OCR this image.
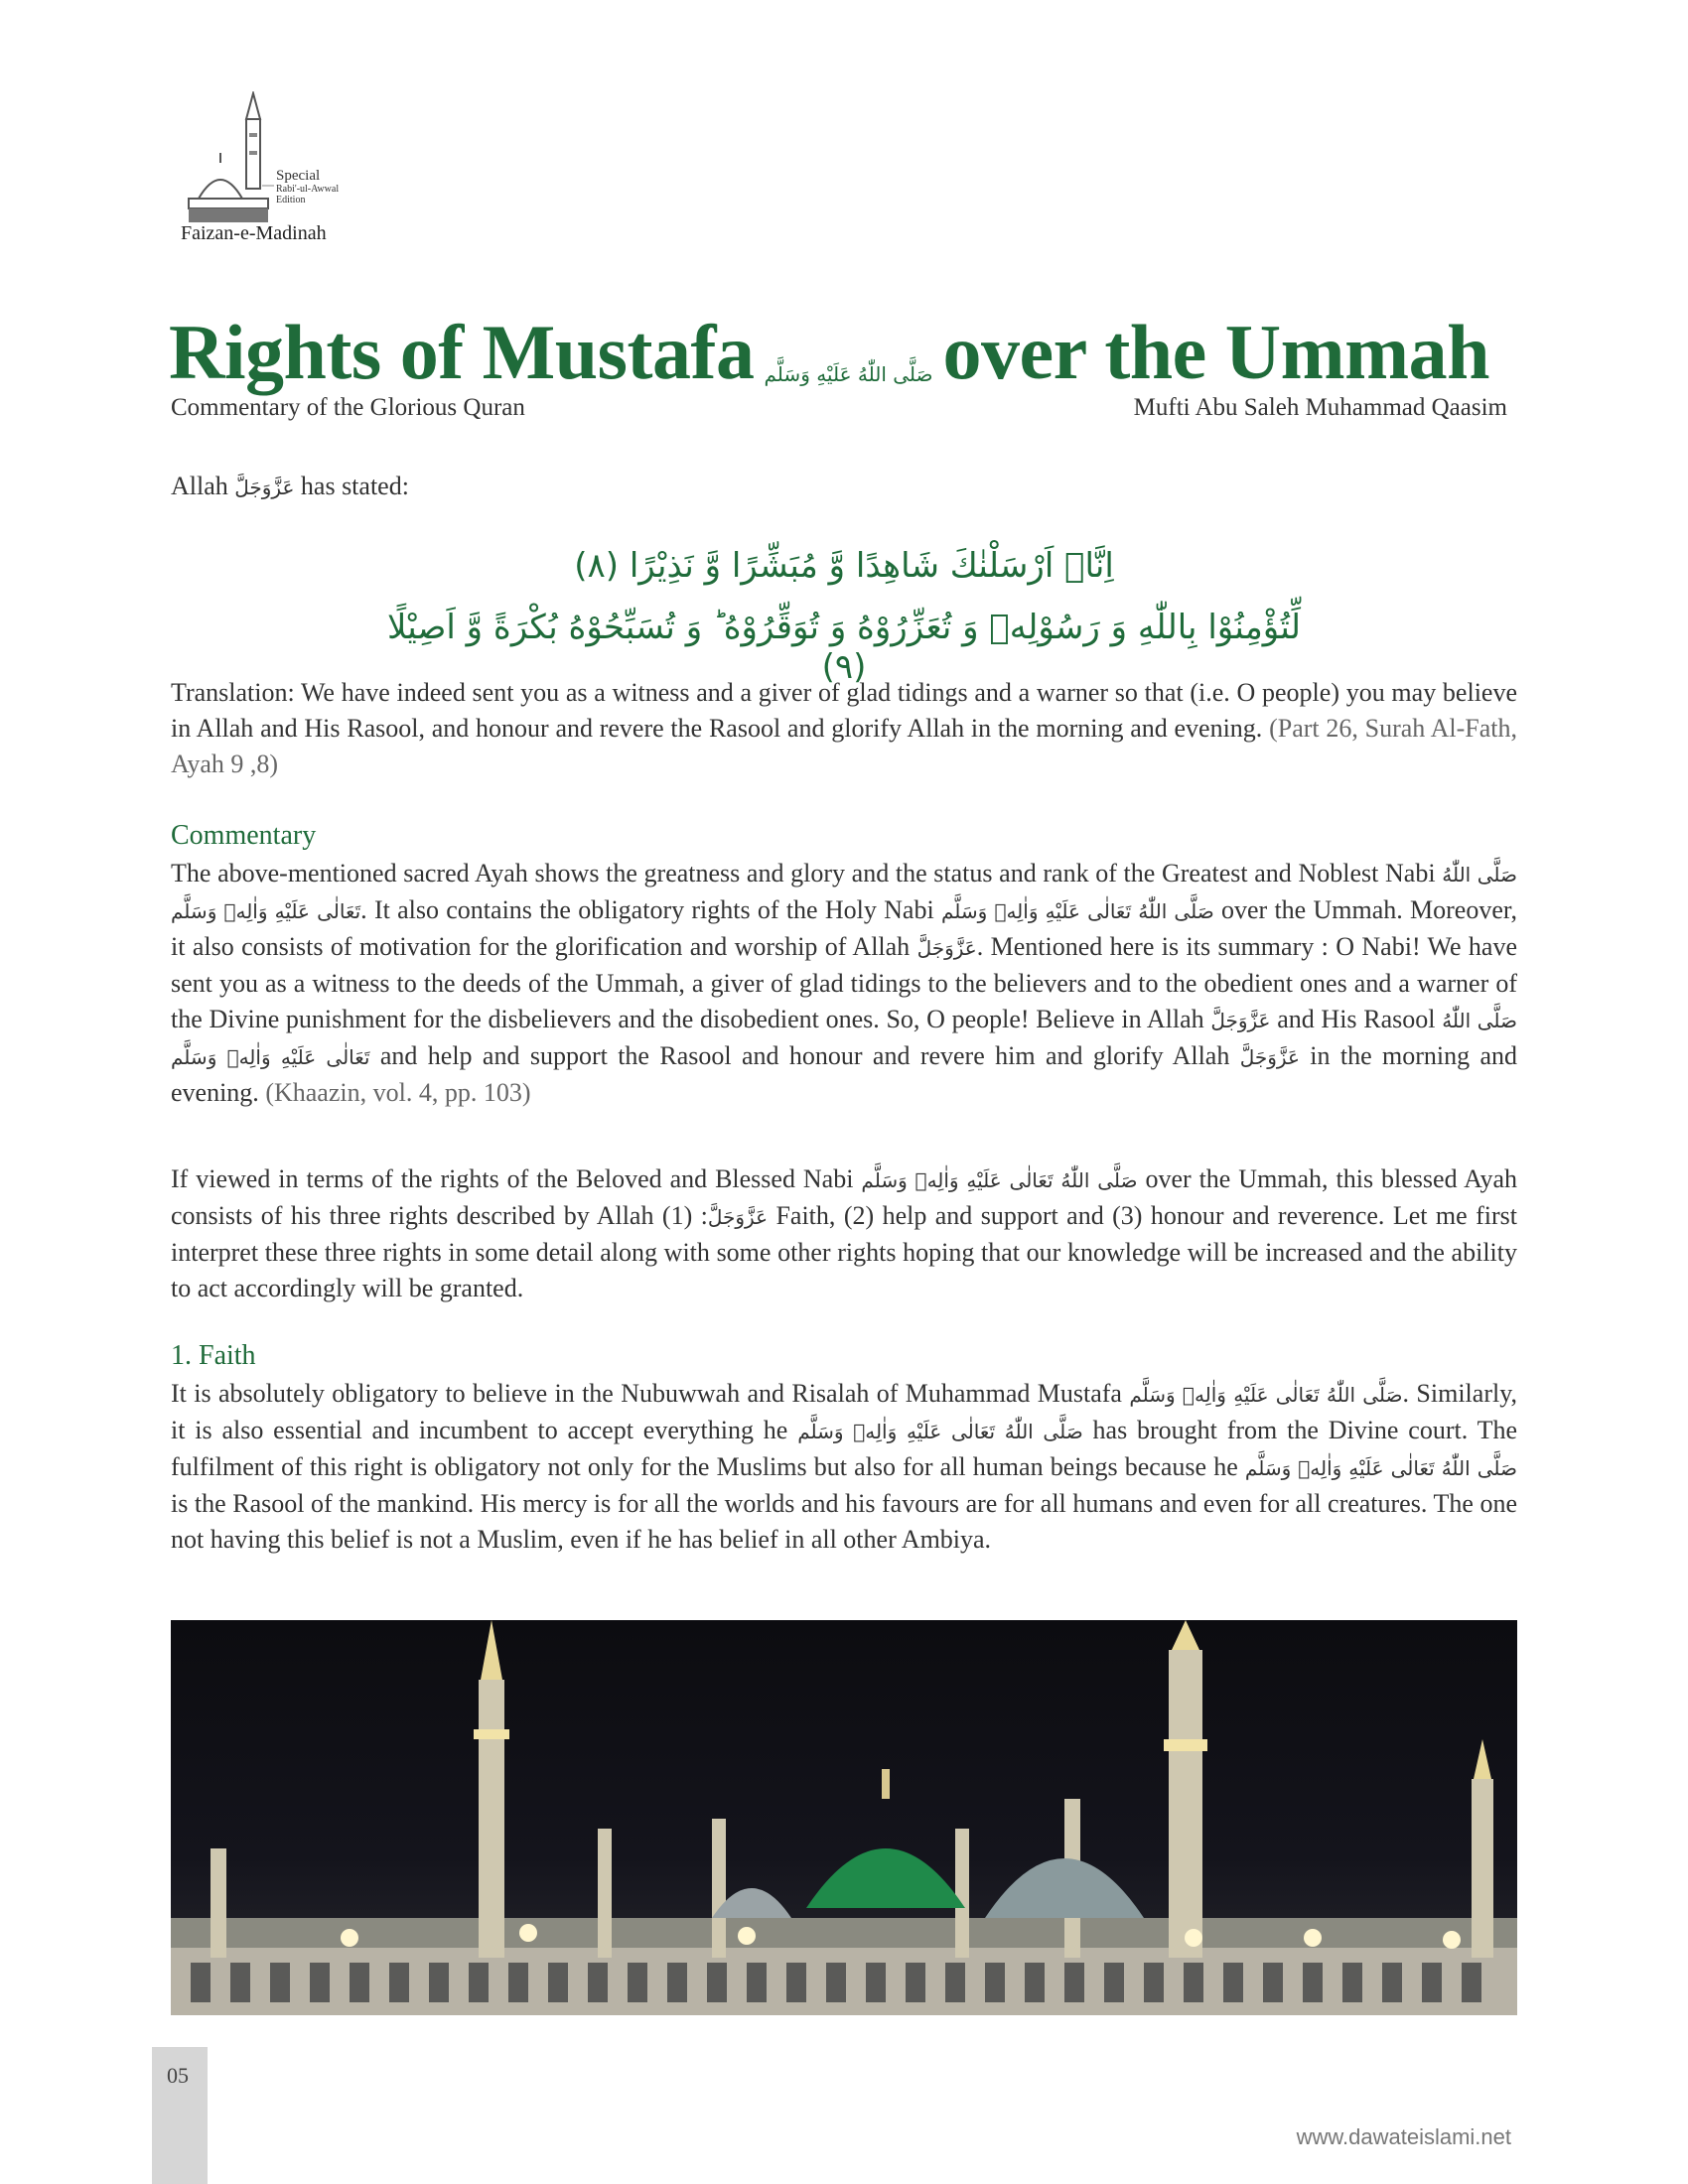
Special
Rabi'-ul-Awwal
Edition
Faizan-e-Madinah
Rights of Mustafa صَلَّى اللّٰهُ عَلَيْهِ وَسَلَّم over the Ummah
Commentary of the Glorious Quran	Mufti Abu Saleh Muhammad Qaasim
Allah عَزَّوَجَلَّ has stated:
اِنَّاۤ اَرْسَلْنٰكَ شَاهِدًا وَّ مُبَشِّرًا وَّ نَذِیْرًا (۸)
لِّتُؤْمِنُوْا بِاللّٰهِ وَ رَسُوْلِهٖ وَ تُعَزِّرُوْهُ وَ تُوَقِّرُوْهُ ؕ وَ تُسَبِّحُوْهُ بُكْرَةً وَّ اَصِیْلًا (۹)
Translation: We have indeed sent you as a witness and a giver of glad tidings and a warner so that (i.e. O people) you may believe in Allah and His Rasool, and honour and revere the Rasool and glorify Allah in the morning and evening. (Part 26, Surah Al-Fath, Ayah 9 ,8)
Commentary
The above-mentioned sacred Ayah shows the greatness and glory and the status and rank of the Greatest and Noblest Nabi صَلَّى اللّٰهُ تَعَالٰى عَلَيْهِ وَاٰلِهٖ وَسَلَّم. It also contains the obligatory rights of the Holy Nabi صَلَّى اللّٰهُ تَعَالٰى عَلَيْهِ وَاٰلِهٖ وَسَلَّم over the Ummah. Moreover, it also consists of motivation for the glorification and worship of Allah عَزَّوَجَلَّ. Mentioned here is its summary : O Nabi! We have sent you as a witness to the deeds of the Ummah, a giver of glad tidings to the believers and to the obedient ones and a warner of the Divine punishment for the disbelievers and the disobedient ones. So, O people! Believe in Allah عَزَّوَجَلَّ and His Rasool صَلَّى اللّٰهُ تَعَالٰى عَلَيْهِ وَاٰلِهٖ وَسَلَّم and help and support the Rasool and honour and revere him and glorify Allah عَزَّوَجَلَّ in the morning and evening. (Khaazin, vol. 4, pp. 103)
If viewed in terms of the rights of the Beloved and Blessed Nabi صَلَّى اللّٰهُ تَعَالٰى عَلَيْهِ وَاٰلِهٖ وَسَلَّم over the Ummah, this blessed Ayah consists of his three rights described by Allah	عَزَّوَجَلَّ: (1) Faith, (2) help and support and (3) honour and reverence. Let me first interpret these three rights in some detail along with some other rights hoping that our knowledge will be increased and the ability to act accordingly will be granted.
1. Faith
It is absolutely obligatory to believe in the Nubuwwah and Risalah of Muhammad Mustafa صَلَّى اللّٰهُ تَعَالٰى عَلَيْهِ وَاٰلِهٖ وَسَلَّم. Similarly, it is also essential and incumbent to accept everything he صَلَّى اللّٰهُ تَعَالٰى عَلَيْهِ وَاٰلِهٖ وَسَلَّم has brought from the Divine court. The fulfilment of this right is obligatory not only for the Muslims but also for all human beings because he صَلَّى اللّٰهُ تَعَالٰى عَلَيْهِ وَاٰلِهٖ وَسَلَّم is the Rasool of the mankind. His mercy is for all the worlds and his favours are for all humans and even for all creatures. The one not having this belief is not a Muslim, even if he has belief in all other Ambiya.
05
www.dawateislami.net
